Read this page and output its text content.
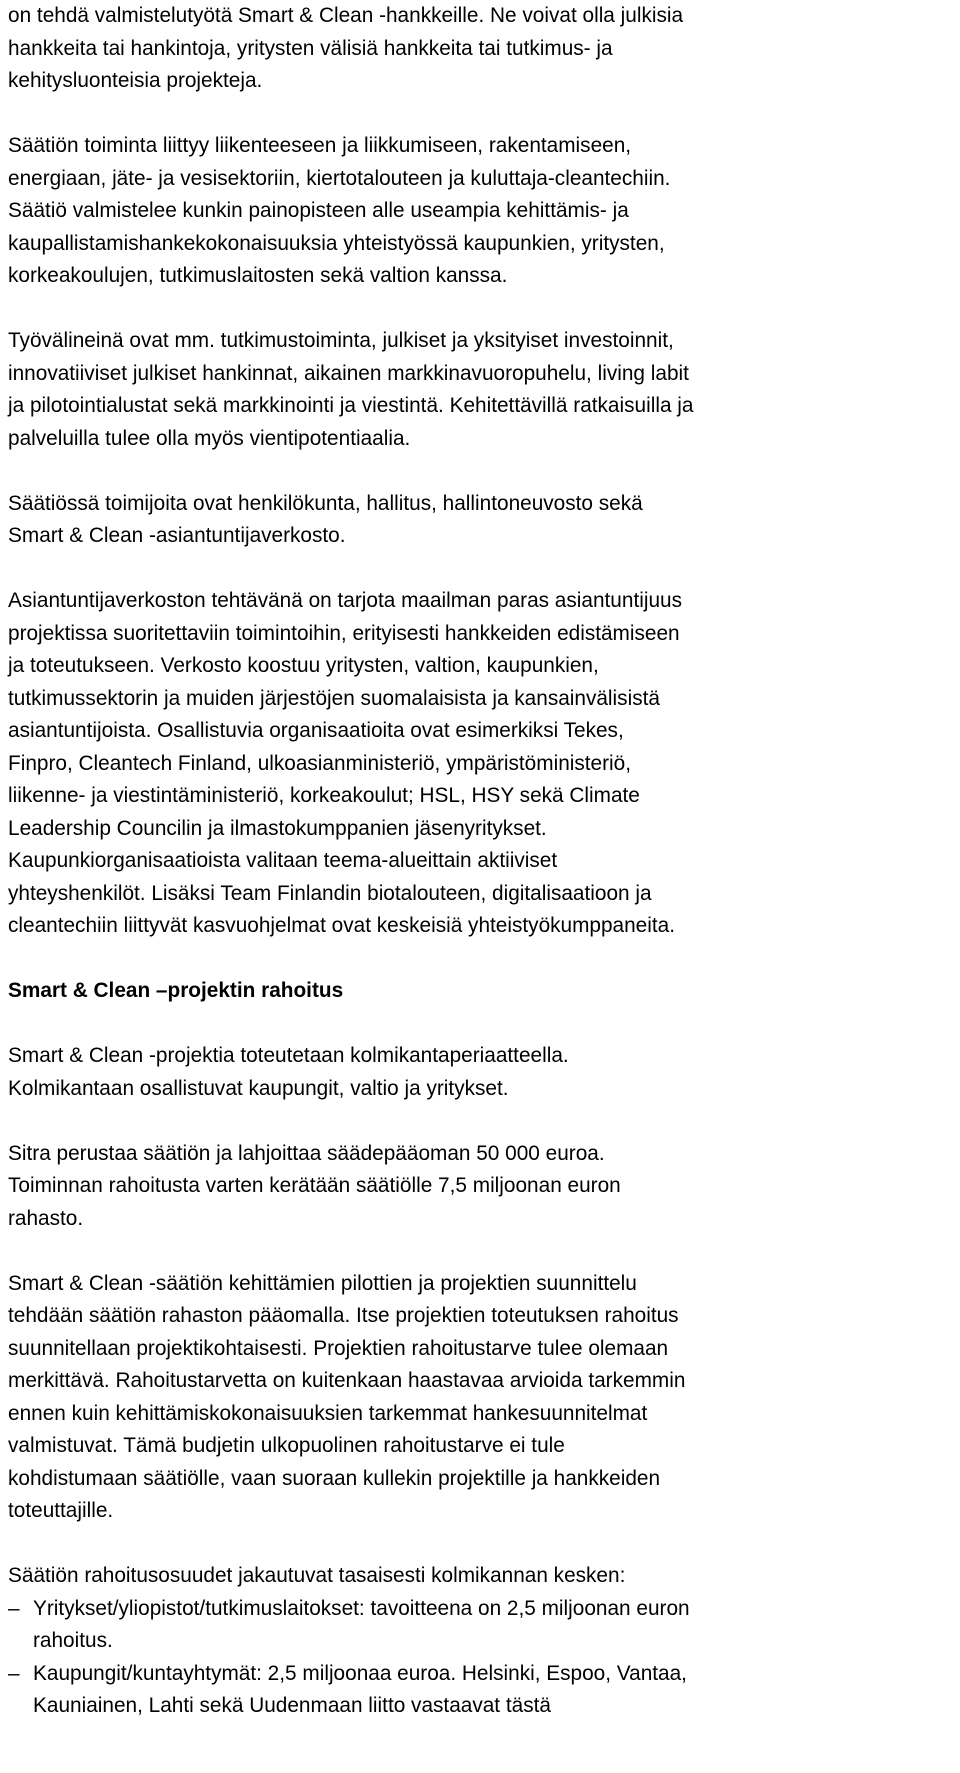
on tehdä valmistelutyötä Smart & Clean -hankkeille. Ne voivat olla julkisia
hankkeita tai hankintoja, yritysten välisiä hankkeita tai tutkimus- ja
kehitysluonteisia projekteja.
Säätiön toiminta liittyy liikenteeseen ja liikkumiseen, rakentamiseen,
energiaan, jäte- ja vesisektoriin, kiertotalouteen ja kuluttaja-cleantechiin.
Säätiö valmistelee kunkin painopisteen alle useampia kehittämis- ja
kaupallistamishankekokonaisuuksia yhteistyössä kaupunkien, yritysten,
korkeakoulujen, tutkimuslaitosten sekä valtion kanssa.
Työvälineinä ovat mm. tutkimustoiminta, julkiset ja yksityiset investoinnit,
innovatiiviset julkiset hankinnat, aikainen markkinavuoropuhelu, living labit
ja pilotointialustat sekä markkinointi ja viestintä. Kehitettävillä ratkaisuilla ja
palveluilla tulee olla myös vientipotentiaalia.
Säätiössä toimijoita ovat henkilökunta, hallitus, hallintoneuvosto sekä
Smart & Clean -asiantuntijaverkosto.
Asiantuntijaverkoston tehtävänä on tarjota maailman paras asiantuntijuus
projektissa suoritettaviin toimintoihin, erityisesti hankkeiden edistämiseen
ja toteutukseen. Verkosto koostuu yritysten, valtion, kaupunkien,
tutkimussektorin ja muiden järjestöjen suomalaisista ja kansainvälisistä
asiantuntijoista. Osallistuvia organisaatioita ovat esimerkiksi Tekes,
Finpro, Cleantech Finland, ulkoasianministeriö, ympäristöministeriö,
liikenne- ja viestintäministeriö, korkeakoulut; HSL, HSY sekä Climate
Leadership Councilin ja ilmastokumppanien jäsenyritykset.
Kaupunkiorganisaatioista valitaan teema-alueittain aktiiviset
yhteyshenkilöt. Lisäksi Team Finlandin biotalouteen, digitalisaatioon ja
cleantechiin liittyvät kasvuohjelmat ovat keskeisiä yhteistyökumppaneita.
Smart & Clean –projektin rahoitus
Smart & Clean -projektia toteutetaan kolmikantaperiaatteella.
Kolmikantaan osallistuvat kaupungit, valtio ja yritykset.
Sitra perustaa säätiön ja lahjoittaa säädepääoman 50 000 euroa.
Toiminnan rahoitusta varten kerätään säätiölle 7,5 miljoonan euron
rahasto.
Smart & Clean -säätiön kehittämien pilottien ja projektien suunnittelu
tehdään säätiön rahaston pääomalla. Itse projektien toteutuksen rahoitus
suunnitellaan projektikohtaisesti. Projektien rahoitustarve tulee olemaan
merkittävä. Rahoitustarvetta on kuitenkaan haastavaa arvioida tarkemmin
ennen kuin kehittämiskokonaisuuksien tarkemmat hankesuunnitelmat
valmistuvat. Tämä budjetin ulkopuolinen rahoitustarve ei tule
kohdistumaan säätiölle, vaan suoraan kullekin projektille ja hankkeiden
toteuttajille.
Säätiön rahoitusosuudet jakautuvat tasaisesti kolmikannan kesken:
– Yritykset/yliopistot/tutkimuslaitokset: tavoitteena on 2,5 miljoonan euron
rahoitus.
– Kaupungit/kuntayhtymät: 2,5 miljoonaa euroa. Helsinki, Espoo, Vantaa,
Kauniainen, Lahti sekä Uudenmaan liitto vastaavat tästä
